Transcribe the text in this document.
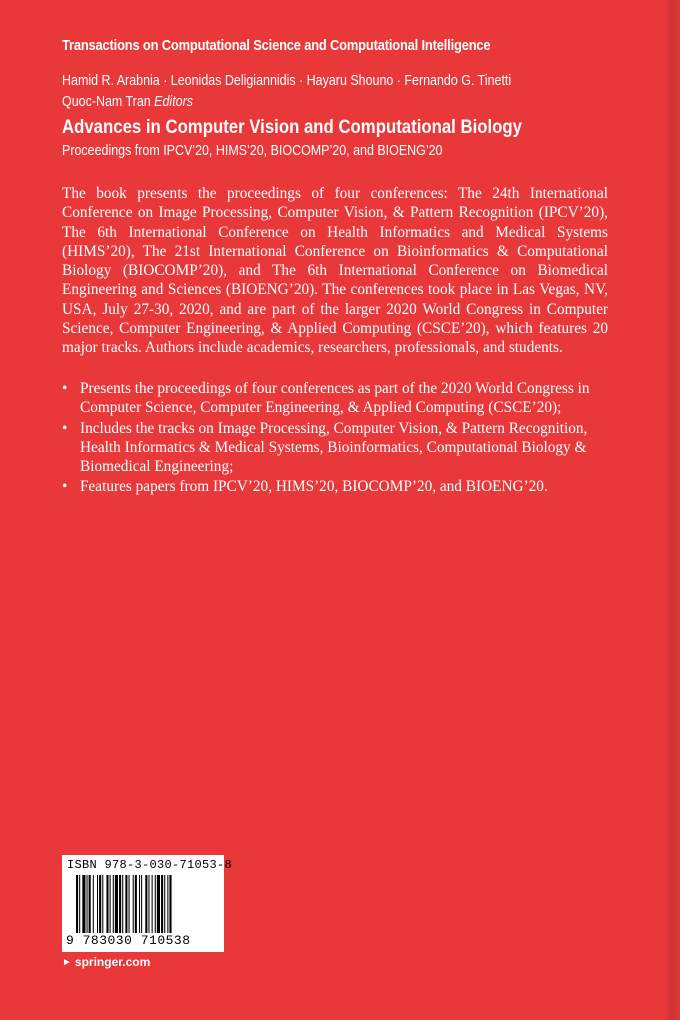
Transactions on Computational Science and Computational Intelligence
Hamid R. Arabnia · Leonidas Deligiannidis · Hayaru Shouno · Fernando G. Tinetti
Quoc-Nam Tran Editors
Advances in Computer Vision and Computational Biology
Proceedings from IPCV’20, HIMS’20, BIOCOMP’20, and BIOENG’20

The book presents the proceedings of four conferences: The 24th International Conference on Image Processing, Computer Vision, & Pattern Recognition (IPCV’20), The 6th International Conference on Health Informatics and Medical Systems (HIMS’20), The 21st International Conference on Bioinformatics & Computational Biology (BIOCOMP’20), and The 6th International Conference on Biomedical Engineering and Sciences (BIOENG’20). The conferences took place in Las Vegas, NV, USA, July 27-30, 2020, and are part of the larger 2020 World Congress in Computer Science, Computer Engineering, & Applied Computing (CSCE’20), which features 20 major tracks. Authors include academics, researchers, professionals, and students.

• Presents the proceedings of four conferences as part of the 2020 World Congress in Computer Science, Computer Engineering, & Applied Computing (CSCE’20);
• Includes the tracks on Image Processing, Computer Vision, & Pattern Recognition, Health Informatics & Medical Systems, Bioinformatics, Computational Biology & Biomedical Engineering;
• Features papers from IPCV’20, HIMS’20, BIOCOMP’20, and BIOENG’20.
ISBN 978-3-030-71053-8
9 783030 710538
► springer.com
